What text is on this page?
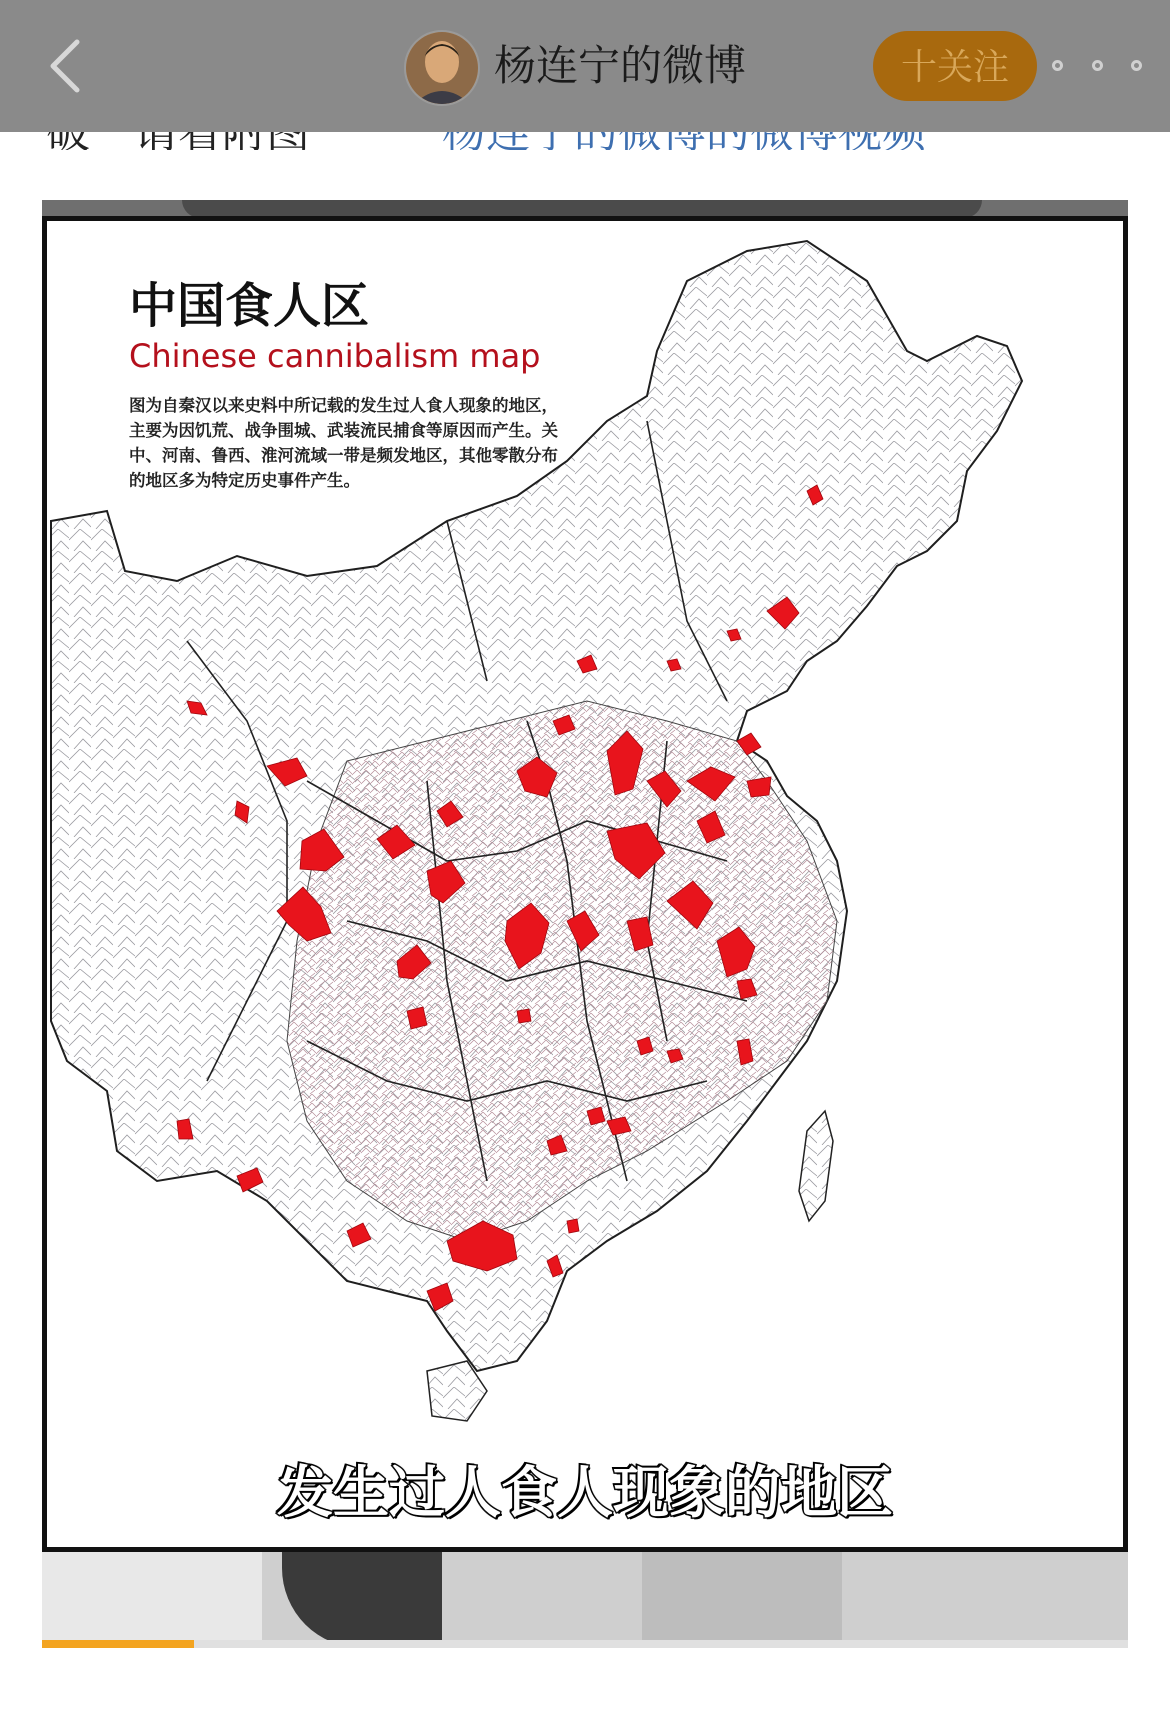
杨连宁的微博	十关注
中国食人区
Chinese cannibalism map
图为自秦汉以来史料中所记载的发生过人食人现象的地区，主要为因饥荒、战争围城、武装流民捕食等原因而产生。关中、河南、鲁西、淮河流域一带是频发地区，其他零散分布的地区多为特定历史事件产生。
发生过人食人现象的地区
